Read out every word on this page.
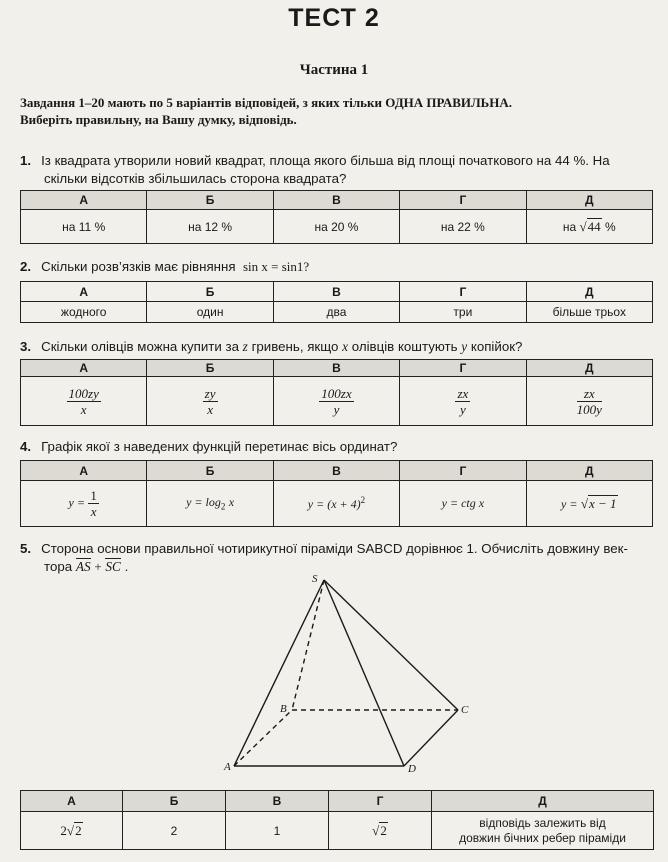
ТЕСТ 2
Частина 1
Завдання 1–20 мають по 5 варіантів відповідей, з яких тільки ОДНА ПРАВИЛЬНА.
Виберіть правильну, на Вашу думку, відповідь.
1. Із квадрата утворили новий квадрат, площа якого більша від площі початкового на 44 %. На
скільки відсотків збільшилась сторона квадрата?
А	Б	В	Г	Д
на 11 %	на 12 %	на 20 %	на 22 %	на √44 %
2. Скільки розв’язків має рівняння sin x = sin1?
А	Б	В	Г	Д
жодного	один	два	три	більше трьох
3. Скільки олівців можна купити за z гривень, якщо x олівців коштують y копійок?
А	Б	В	Г	Д

$\frac{100zy}{x}$	$\frac{zy}{x}$	$\frac{100zx}{y}$	$\frac{zx}{y}$	$\frac{zx}{100y}$
4. Графік якої з наведених функцій перетинає вісь ординат?
А	Б	В	Г	Д
$y = \frac{1}{x}$	$y = \log_2 x$	$y = (x + 4)^2$	y = ctg x	y = √x − 1
5. Сторона основи правильної чотирикутної піраміди SABCD дорівнює 1. Обчисліть довжину век-
тора AS + SC .
S
A
B	C
D
А	Б	В	Г	Д
2√2	2	1	√2	відповідь залежить від
довжин бічних ребер піраміди
